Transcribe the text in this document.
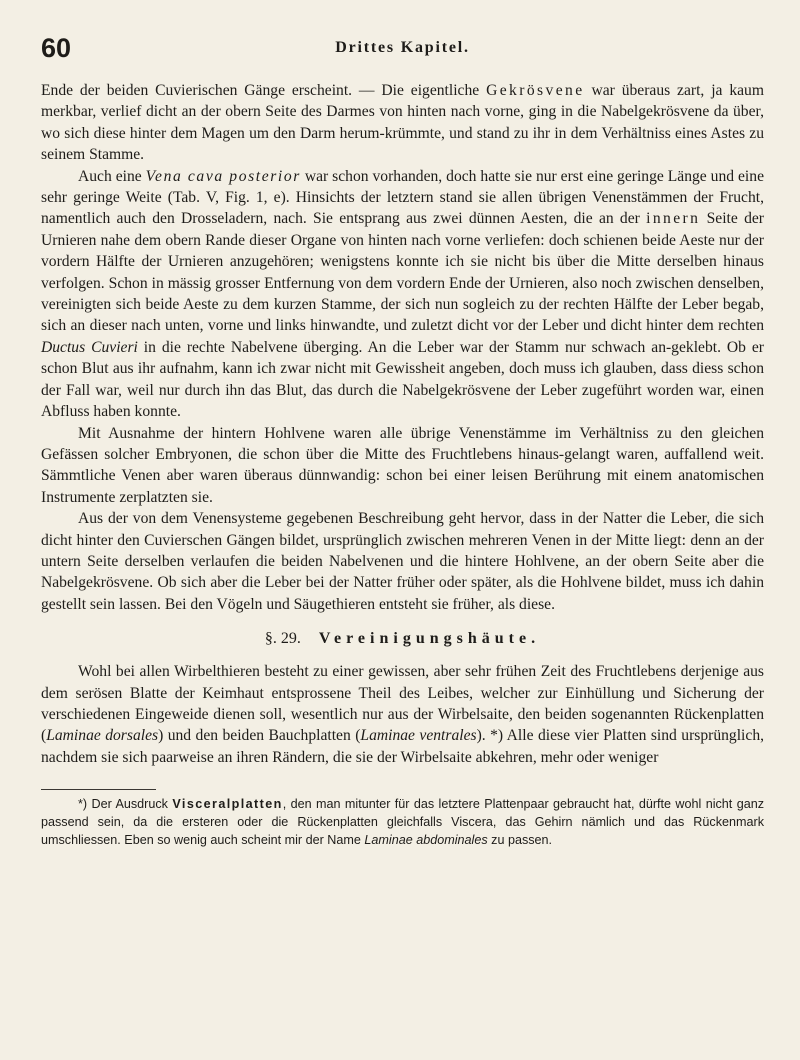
60	Drittes Kapitel.

Ende der beiden Cuvierischen Gänge erscheint. — Die eigentliche Gekrösvene war überaus zart, ja kaum merkbar, verlief dicht an der obern Seite des Darmes von hinten nach vorne, ging in die Nabelgekrösvene da über, wo sich diese hinter dem Magen um den Darm herum-krümmte, und stand zu ihr in dem Verhältniss eines Astes zu seinem Stamme.

Auch eine Vena cava posterior war schon vorhanden, doch hatte sie nur erst eine geringe Länge und eine sehr geringe Weite (Tab. V, Fig. 1, e). Hinsichts der letztern stand sie allen übrigen Venenstämmen der Frucht, namentlich auch den Drosseladern, nach. Sie entsprang aus zwei dünnen Aesten, die an der innern Seite der Urnieren nahe dem obern Rande dieser Organe von hinten nach vorne verliefen: doch schienen beide Aeste nur der vordern Hälfte der Urnieren anzugehören; wenigstens konnte ich sie nicht bis über die Mitte derselben hinaus verfolgen. Schon in mässig grosser Entfernung von dem vordern Ende der Urnieren, also noch zwischen denselben, vereinigten sich beide Aeste zu dem kurzen Stamme, der sich nun sogleich zu der rechten Hälfte der Leber begab, sich an dieser nach unten, vorne und links hinwandte, und zuletzt dicht vor der Leber und dicht hinter dem rechten Ductus Cuvieri in die rechte Nabelvene überging. An die Leber war der Stamm nur schwach an-geklebt. Ob er schon Blut aus ihr aufnahm, kann ich zwar nicht mit Gewissheit angeben, doch muss ich glauben, dass diess schon der Fall war, weil nur durch ihn das Blut, das durch die Nabelgekrösvene der Leber zugeführt worden war, einen Abfluss haben konnte.

Mit Ausnahme der hintern Hohlvene waren alle übrige Venenstämme im Verhältniss zu den gleichen Gefässen solcher Embryonen, die schon über die Mitte des Fruchtlebens hinaus-gelangt waren, auffallend weit. Sämmtliche Venen aber waren überaus dünnwandig: schon bei einer leisen Berührung mit einem anatomischen Instrumente zerplatzten sie.

Aus der von dem Venensysteme gegebenen Beschreibung geht hervor, dass in der Natter die Leber, die sich dicht hinter den Cuvierschen Gängen bildet, ursprünglich zwischen mehreren Venen in der Mitte liegt: denn an der untern Seite derselben verlaufen die beiden Nabelvenen und die hintere Hohlvene, an der obern Seite aber die Nabelgekrösvene. Ob sich aber die Leber bei der Natter früher oder später, als die Hohlvene bildet, muss ich dahin gestellt sein lassen. Bei den Vögeln und Säugethieren entsteht sie früher, als diese.

§. 29. Vereinigungshäute.

Wohl bei allen Wirbelthieren besteht zu einer gewissen, aber sehr frühen Zeit des Fruchtlebens derjenige aus dem serösen Blatte der Keimhaut entsprossene Theil des Leibes, welcher zur Einhüllung und Sicherung der verschiedenen Eingeweide dienen soll, wesentlich nur aus der Wirbelsaite, den beiden sogenannten Rückenplatten (Laminae dorsales) und den beiden Bauchplatten (Laminae ventrales). *) Alle diese vier Platten sind ursprünglich, nachdem sie sich paarweise an ihren Rändern, die sie der Wirbelsaite abkehren, mehr oder weniger

*) Der Ausdruck Visceralplatten, den man mitunter für das letztere Plattenpaar gebraucht hat, dürfte wohl nicht ganz passend sein, da die ersteren oder die Rückenplatten gleichfalls Viscera, das Gehirn nämlich und das Rückenmark umschliessen. Eben so wenig auch scheint mir der Name Laminae abdominales zu passen.
